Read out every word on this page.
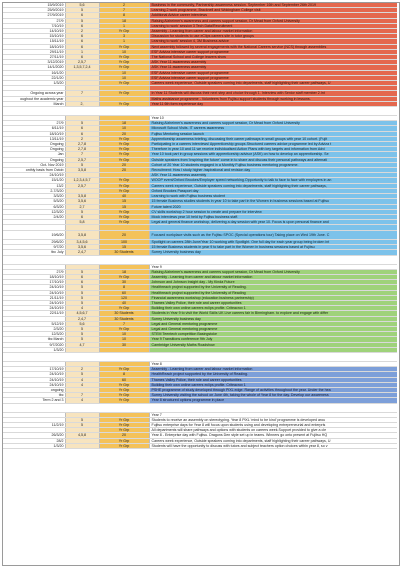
15/9/2019	5,6	2	Business in the community, Partnership awareness session. September 16th and September 26th 2019
25/9/2019	5	7	Learning 2 work programme, Bracknell and Wokingham College visit
27/9/2019	6	8	Additional Advice career interviews
27/9	5	18	Raising Alzheimer's awareness and careers support session, Dr Mead from Oxford University
7/10/19	6	1	Learning to work' session 3 Tech Data/Recruitment
14/10/19	2	Yr Grp	Assembly - Learning from career and labour market information
15/10/19	6	3	Discussion for students to use eClips careers site in tutor groups
15/11/19	6	1	Learning to work' session 4, 3M Business advice
18/10/19	6	Yr Grp	Next assembly followed by several engagements with the National Careers service (NCS) through assemblies
29/11/19	1	10	ESF Adviza intensive career support programme
27/11/19	6	Yr Grp	The National School and College leavers show
3/12/2019	2,5,7	Yr Grp	ASK Year 11 awareness assembly
14/1/2020	1,3,5,7,2,4	Yr Grp	ASK Year 11 awareness assembly
16/1/20		10	ESF Adviza intensive career support programme
22/1/20		10	ESF Adviza intensive career support programme
1/3/20		Yr Grp	Careers week experience, Outside speakers coming into departments, staff highlighting their career pathways, U

Ongoing across year	7	Yr Grp	In Year 11 Students will discuss their next step and choice through 1. Interview with Senior staff member 2.Int
oughout the academic year			Maths assistance programme - Volunteers from Fujitsu support students through working in lessons.
March	2,	Yr Grp	Year 11 6th form experience day

			Year 10
27/9	5	18	Raising Alzheimer's awareness and careers support session, Dr Mead from Oxford University
6/11/19	6	10	Microsoft School Visits. IT careers awareness
18/10/19	6	20	Fujitsu Mentoring session launch
13/11/19	2	Yr Grp	Apprenticeship awareness briefing, discussing their career pathways in small groups with year 10 cohort. (Fujit
Ongoing	2,7,8	Yr Grp	Participating in a careers interviews/ Apprenticeship groups.Structured careers advice programme led by Adviza t
Ongoing	2,7,8	Yr Grp	Therefore in year 10 and 11 we receive individualised Action Plans with key targets and information from Advi
Jan	7	Yr Grp	Year 10 took part in group sessions with apprenticeship advisor (ASK) on how to develop an apprenticeship. Se
Ongoing	2,5,7	Yr Grp	Outside speakers from 'Inspiring the future' come in to share and discuss their personal pathways and alternati
Oct- Nov 2019	5	20	Cohort of 20 Year 10 students engaged in a Monthly Fujitsu business mentoring programme.
onthly basis from Octob	3,5,8	20	Recruitment: How I study higher /aspirational and revision day
24/10/19			ASK Year 11 awareness assembly
15/1/20	1,2,3,4,5,7	Yr Grp	WOOP event/Oxford Brookes/Employer speed networking.Opportunity to talk to face to face with employers in an
13/2	2,5,7	Yr Grp	Careers week experience, Outside speakers coming into departments, staff highlighting their career pathways,
2-7/3/20		Yr Grp	Oxford Brookes Passport day
3/3/20	3,5,8	40	Learning to work with Fujitsu business student
5/3/20	3,5,6	15	15 female Business studies students in year 10 to take part in the Women in business sessions based at Fujitsu
6/3/20	2,7	15	Future talent 2020
12/3/20	5	Yr Grp	CV skills workshop 2 hour session to create and prepare for interview
2/4/20	6	Yr Grp	Mock interviews year 10 held by Fujitsu business staff.
	5,8	Yr Grp	Legal and general finance workshop, delivering a day session with year 10. Focus is upon personal finance and

19/6/20	3,5,8	20	Focused workplace visits such as the Fujitsu SPOC (Special operations tour) Taking place on Wed 19th June. C
29/6/20	3,4,5,6	100	Spotlight on careers 28th June/Year 10 working with Spotlight. One full day for each year group being broken int
9/7/20	3,5,6	15	15 female Business students in year 9 to take part in the Women in business sessions based at Fujitsu
tbc July	2,4,7	30 Students	Surrey University business day

			Year 9
27/9	5	18	Raising Alzheimer's awareness and careers support session, Dr Mead from Oxford University
18/10/19	6	Yr Grp	Assembly - Learning from career and labour market information
17/10/19	6	30	Johnson and Johnson Insight day - My Kinda Future
24/10/19	5	8	Healthreach project supported by the University of Reading.
24/10/19	5	60	Healthreach project supported by the University of Reading
21/11/19	5	120	Financial awareness workshop (education business partnership)
24/10/19	5	40	Thames Valley Police, their role and career opportunities
24/10/19	4	Yr Grp	Building their own online careers eclips profile. Criteacrox 1
22/11/19	4,5,6,7	30 Students	Students in Year 9 to visit the World Skills UK Live careers fair in Birmingham. to explore and engage with differ
	2,4,7	30 Students	Surrey University business day
5/12/19	5,6	7	Legal and General mentoring programme
2/3/20	5	Yr Grp	Legal and General mentoring programme
12/3/20	5	10	STEM Teentech competition Basingstoke
tbc March	5	10	Year 9 Transitions conference 9th July
9/7/2020	4,7	30	Cambridge University Maths Roadshow
1/3/20			

			Year 8
17/10/19	2	Yr Grp	Assembly - Learning from career and labour market information
24/10/19	5	8	HealthReach project supported by the University of Reading.
24/10/19	4	60	Thames Valley Police, their role and career opportunities
24/10/19	4	Yr Grp	Building their own online careers eclips profile. Criteacrox 1
ongoing		Yr Grp	PSHE programme of study developed through PiXL edge. Range of activities throughout the year. Under the hea
tbc	7	Yr Grp	Surrey University visiting the school on June 4th, taking the whole of Year 8 for the day. Develop our awareness
Term 2 and 3	4	Yr Grp	Year 8 structured options programme in place

			Year 7
	5	Yr Grp	Students to receive an assembly on stereotyping. Year 8 PiXL 'mind to be kind' programme is developed arou
11/2/19	5	Yr Grp	Fujitsu enterprise days for Year 8 will focus upon students using and developing entrepreneurial and enterpris
		Yr Grp	All departments will share pathways and options with students on careers week.Support provided to give a cle
26/3/20	4,5,8	20	Year 8 - Enterprise day with Fujitsu. Dragons Den style set up in teams. Winners go onto present at Fujitsu HQ
28/2		Yr Grp	Careers week experience, Outside speakers coming into departments, staff highlighting their career pathways, U
1/3/20		Yr Grp	Students will have the opportunity to discuss with tutors and subject teachers option choices within year 8, so v
